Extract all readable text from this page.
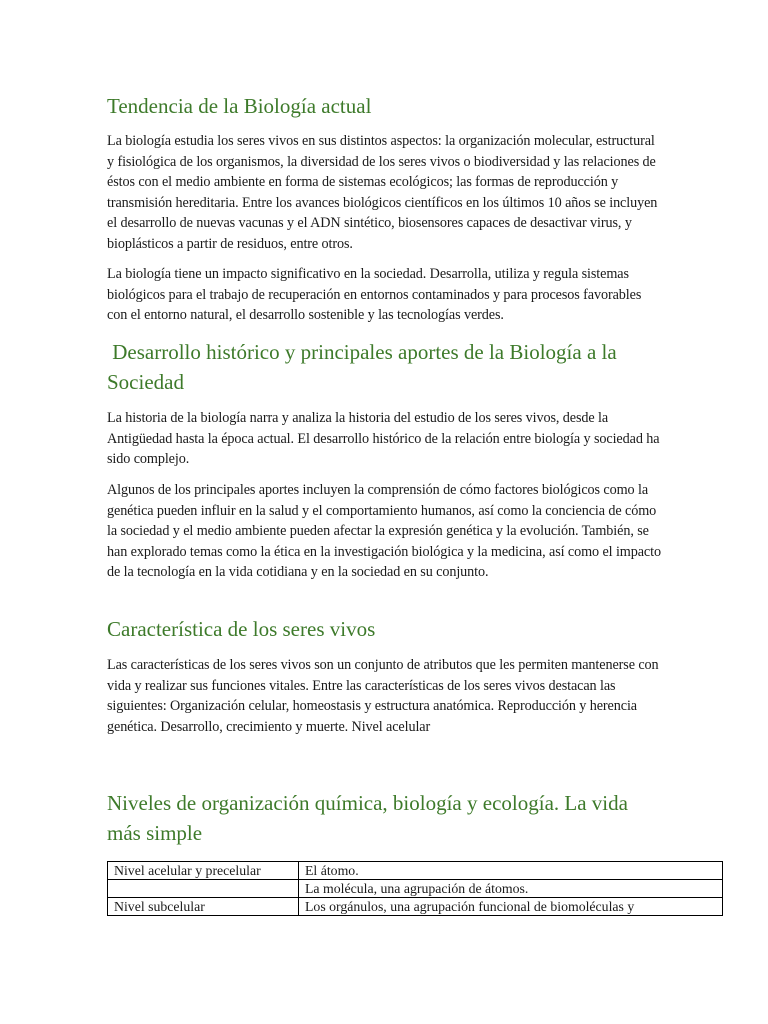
Tendencia de la Biología actual

La biología estudia los seres vivos en sus distintos aspectos: la organización molecular, estructural y fisiológica de los organismos, la diversidad de los seres vivos o biodiversidad y las relaciones de éstos con el medio ambiente en forma de sistemas ecológicos; las formas de reproducción y transmisión hereditaria. Entre los avances biológicos científicos en los últimos 10 años se incluyen el desarrollo de nuevas vacunas y el ADN sintético, biosensores capaces de desactivar virus, y bioplásticos a partir de residuos, entre otros.

La biología tiene un impacto significativo en la sociedad. Desarrolla, utiliza y regula sistemas biológicos para el trabajo de recuperación en entornos contaminados y para procesos favorables con el entorno natural, el desarrollo sostenible y las tecnologías verdes.

Desarrollo histórico y principales aportes de la Biología a la Sociedad

La historia de la biología narra y analiza la historia del estudio de los seres vivos, desde la Antigüedad hasta la época actual. El desarrollo histórico de la relación entre biología y sociedad ha sido complejo.

Algunos de los principales aportes incluyen la comprensión de cómo factores biológicos como la genética pueden influir en la salud y el comportamiento humanos, así como la conciencia de cómo la sociedad y el medio ambiente pueden afectar la expresión genética y la evolución. También, se han explorado temas como la ética en la investigación biológica y la medicina, así como el impacto de la tecnología en la vida cotidiana y en la sociedad en su conjunto.

Característica de los seres vivos

Las características de los seres vivos son un conjunto de atributos que les permiten mantenerse con vida y realizar sus funciones vitales. Entre las características de los seres vivos destacan las siguientes: Organización celular, homeostasis y estructura anatómica. Reproducción y herencia genética. Desarrollo, crecimiento y muerte. Nivel acelular

Niveles de organización química, biología y ecología. La vida más simple
Nivel acelular y precelular	El átomo.
	La molécula, una agrupación de átomos.
Nivel subcelular	Los orgánulos, una agrupación funcional de biomoléculas y
